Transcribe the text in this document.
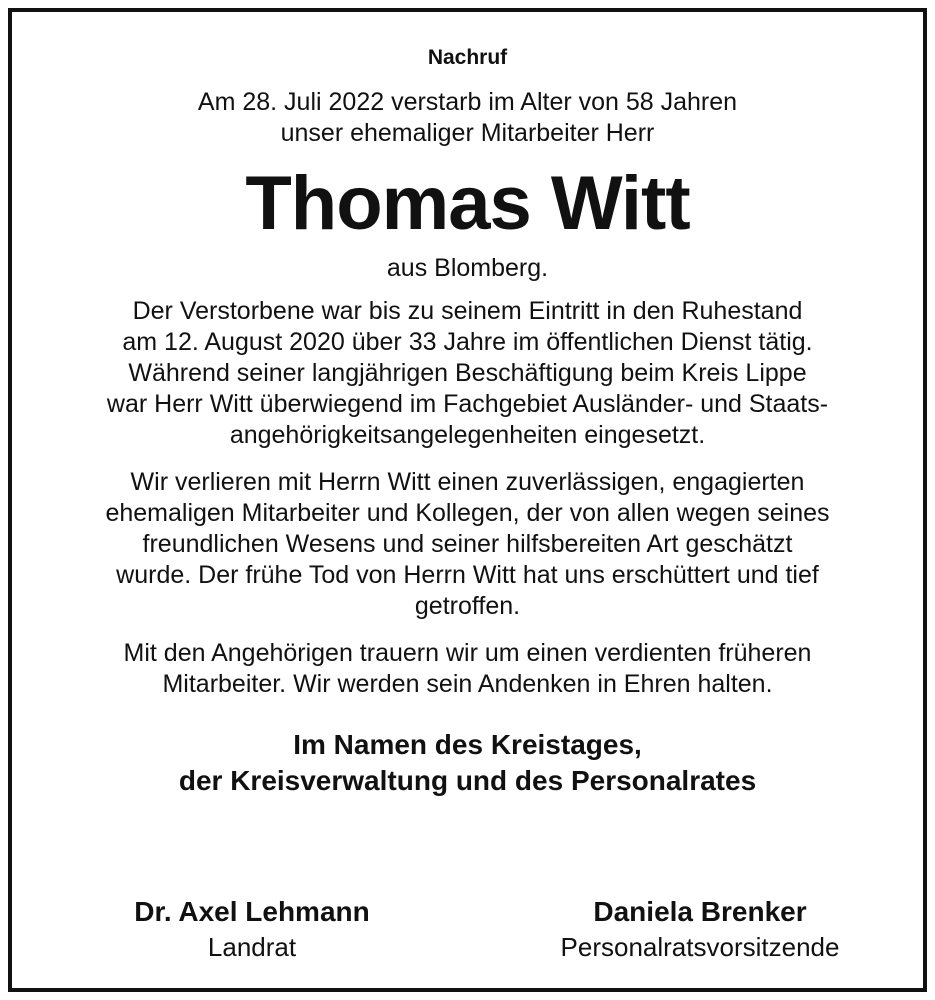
Nachruf
Am 28. Juli 2022 verstarb im Alter von 58 Jahren
unser ehemaliger Mitarbeiter Herr
Thomas Witt
aus Blomberg.
Der Verstorbene war bis zu seinem Eintritt in den Ruhestand
am 12. August 2020 über 33 Jahre im öffentlichen Dienst tätig.
Während seiner langjährigen Beschäftigung beim Kreis Lippe
war Herr Witt überwiegend im Fachgebiet Ausländer- und Staats-
angehörigkeitsangelegenheiten eingesetzt.
Wir verlieren mit Herrn Witt einen zuverlässigen, engagierten
ehemaligen Mitarbeiter und Kollegen, der von allen wegen seines
freundlichen Wesens und seiner hilfsbereiten Art geschätzt
wurde. Der frühe Tod von Herrn Witt hat uns erschüttert und tief
getroffen.
Mit den Angehörigen trauern wir um einen verdienten früheren
Mitarbeiter. Wir werden sein Andenken in Ehren halten.
Im Namen des Kreistages,
der Kreisverwaltung und des Personalrates
Dr. Axel Lehmann
Landrat
Daniela Brenker
Personalratsvorsitzende
